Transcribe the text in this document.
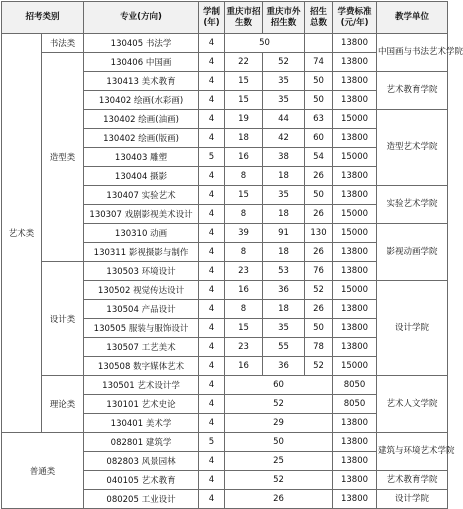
招考类别		专业(方向)	学制(年)	重庆市招生数	重庆市外招生数	招生总数	学费标准(元/年)	教学单位	
艺术类	书法类	130405 书法学	4	50			13800	中国画与书法艺术学院	
	造型类	130406 中国画	4	22	52	74	13800		
		130413 美术教育	4	15	35	50	13800	艺术教育学院	
		130402 绘画(水彩画)	4	15	35	50	13800		
		130402 绘画(油画)	4	19	44	63	15000	造型艺术学院	
		130402 绘画(版画)	4	18	42	60	13800		
		130403 雕塑	5	16	38	54	15000		
		130404 摄影	4	8	18	26	13800		
		130407 实验艺术	4	15	35	50	13800	实验艺术学院	
		130307 戏剧影视美术设计	4	8	18	26	15000		
		130310 动画	4	39	91	130	15000	影视动画学院	
		130311 影视摄影与制作	4	8	18	26	13800		
	设计类	130503 环境设计	4	23	53	76	13800	
		130502 视觉传达设计	4	16	36	52	15000	设计学院	
		130504 产品设计	4	8	18	26	13800		
		130505 服装与服饰设计	4	15	35	50	13800		
		130507 工艺美术	4	23	55	78	13800		
		130508 数字媒体艺术	4	16	36	52	15000		
	理论类	130501 艺术设计学	4	60			8050	艺术人文学院	
		130101 艺术史论	4	52			8050		
		130401 美术学	4	29			13800		
普通类		082801 建筑学	5	50			13800	建筑与环境艺术学院	
		082803 风景园林	4	25			13800		
		040105 艺术教育	4	52			13800	艺术教育学院	
		080205 工业设计	4	26			13800	设计学院	
